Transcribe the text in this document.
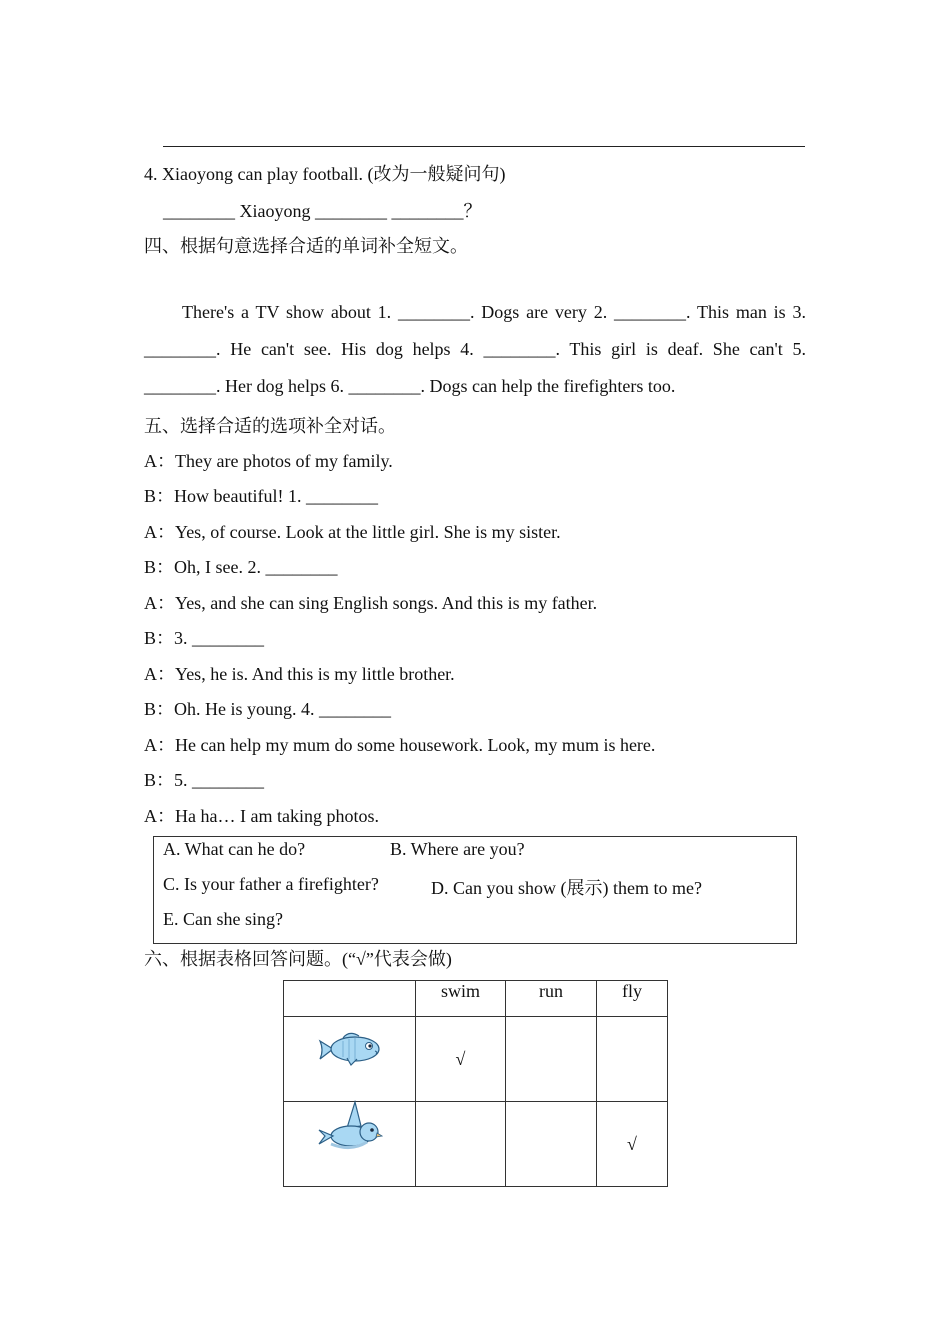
4. Xiaoyong can play football. (改为一般疑问句)
________ Xiaoyong ________ ________？
四、根据句意选择合适的单词补全短文。
There's a TV show about 1. ________. Dogs are very 2. ________. This man is 3. ________. He can't see. His dog helps 4. ________. This girl is deaf. She can't 5. ________. Her dog helps 6. ________. Dogs can help the firefighters too.
五、选择合适的选项补全对话。
A：They are photos of my family.
B：How beautiful! 1. ________
A：Yes, of course. Look at the little girl. She is my sister.
B：Oh, I see. 2. ________
A：Yes, and she can sing English songs. And this is my father.
B：3. ________
A：Yes, he is. And this is my little brother.
B：Oh. He is young. 4. ________
A：He can help my mum do some housework. Look, my mum is here.
B：5. ________
A：Ha ha… I am taking photos.
A. What can he do?	B. Where are you?
C. Is your father a firefighter?	D. Can you show (展示) them to me?
E. Can she sing?
六、根据表格回答问题。(“√”代表会做)
	swim	run	fly

	√		

			√
